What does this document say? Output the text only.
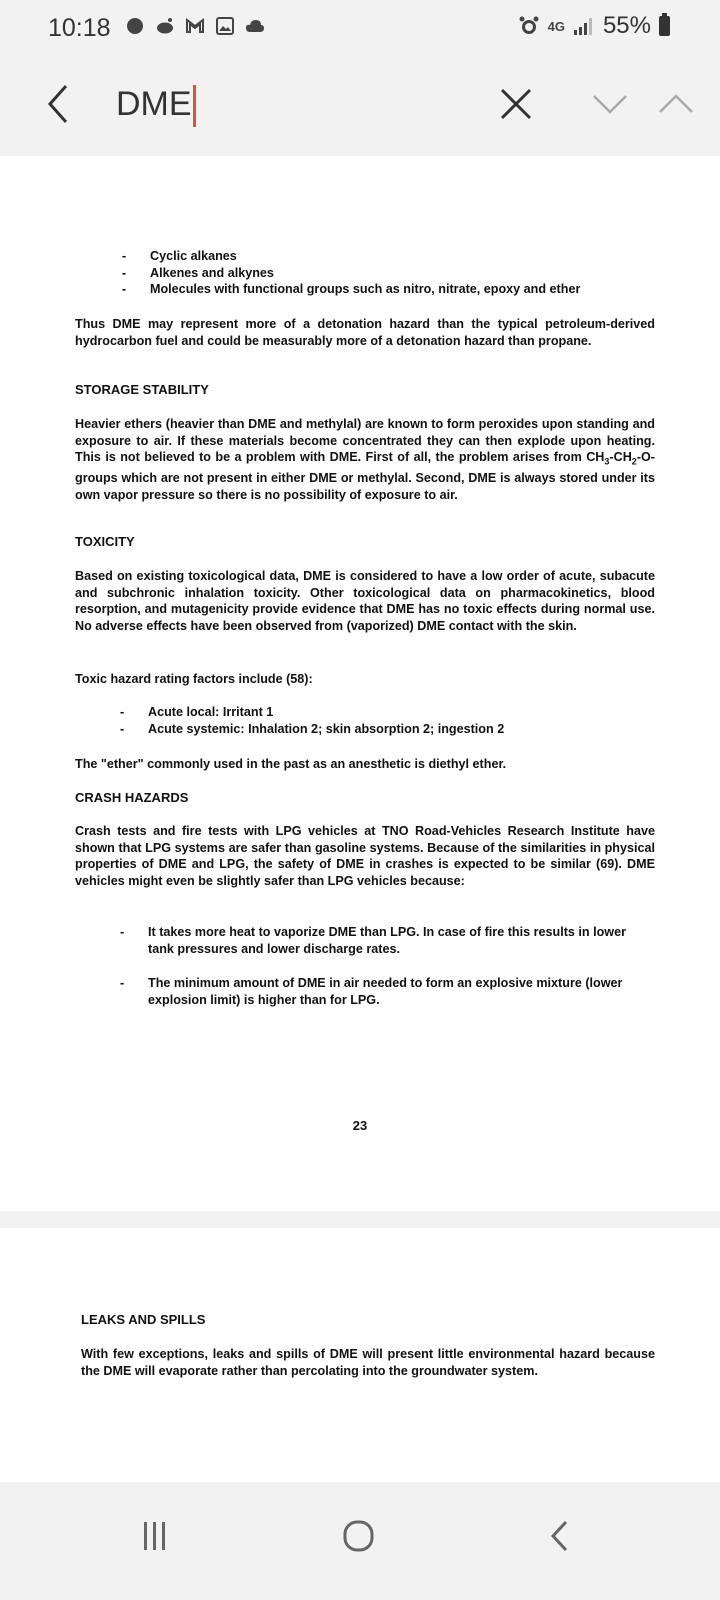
10:18	4G 55%
DME
- Cyclic alkanes
- Alkenes and alkynes
- Molecules with functional groups such as nitro, nitrate, epoxy and ether

Thus DME may represent more of a detonation hazard than the typical petroleum-derived hydrocarbon fuel and could be measurably more of a detonation hazard than propane.

STORAGE STABILITY

Heavier ethers (heavier than DME and methylal) are known to form peroxides upon standing and exposure to air. If these materials become concentrated they can then explode upon heating. This is not believed to be a problem with DME. First of all, the problem arises from $CH_3-CH_2-O-$ groups which are not present in either DME or methylal. Second, DME is always stored under its own vapor pressure so there is no possibility of exposure to air.

TOXICITY

Based on existing toxicological data, DME is considered to have a low order of acute, subacute and subchronic inhalation toxicity. Other toxicological data on pharmacokinetics, blood resorption, and mutagenicity provide evidence that DME has no toxic effects during normal use. No adverse effects have been observed from (vaporized) DME contact with the skin.

Toxic hazard rating factors include (58):

- Acute local: Irritant 1
- Acute systemic: Inhalation 2; skin absorption 2; ingestion 2

The "ether" commonly used in the past as an anesthetic is diethyl ether.

CRASH HAZARDS

Crash tests and fire tests with LPG vehicles at TNO Road-Vehicles Research Institute have shown that LPG systems are safer than gasoline systems. Because of the similarities in physical properties of DME and LPG, the safety of DME in crashes is expected to be similar (69). DME vehicles might even be slightly safer than LPG vehicles because:

- It takes more heat to vaporize DME than LPG. In case of fire this results in lower tank pressures and lower discharge rates.
- The minimum amount of DME in air needed to form an explosive mixture (lower explosion limit) is higher than for LPG.
23
LEAKS AND SPILLS

With few exceptions, leaks and spills of DME will present little environmental hazard because the DME will evaporate rather than percolating into the groundwater system.
